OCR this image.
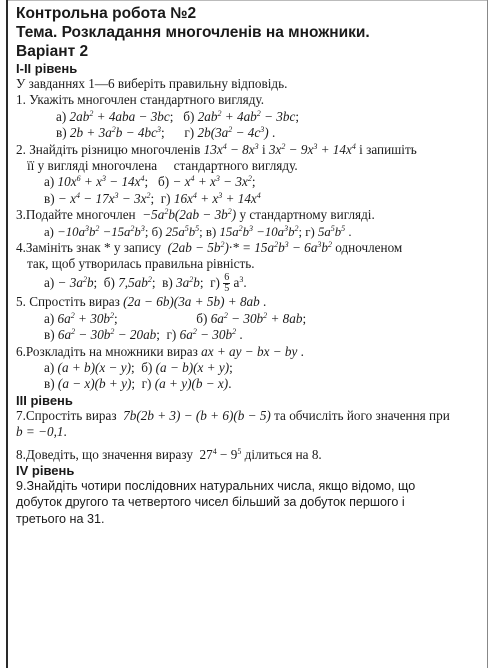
Контрольна робота №2
Тема. Розкладання многочленів на множники.
Варіант 2
I-II рівень
У завданнях 1—6 виберіть правильну відповідь.
1. Укажіть многочлен стандартного вигляду.
а) $2ab^2 + 4aba - 3bc$;   б) $2ab^2 + 4ab^2 - 3bc$;
в) $2b + 3a^2b - 4bc^3$;      г) $2b(3a^2 - 4c^3)$ .
2. Знайдіть різницю многочленів $13x^4 - 8x^3$ і $3x^2 - 9x^3 + 14x^4$ і запишіть
її у вигляді многочлена     стандартного вигляду.
а) $10x^6 + x^3 - 14x^4$;   $б) - x^4 + x^3 - 3x^2$;
$в) - x^4 - 17x^3 - 3x^2$;  г) $16x^4 + x^3 + 14x^4$
3.Подайте многочлен  $-5a^2b(2ab - 3b^2)$ у стандартному вигляді.
$а) -10a^3b^2 -15a^2b^3$; б) $25a^5b^5$; в) $15a^2b^3 -10a^3b^2$; г) $5a^5b^5$ .
4.Замініть знак * у запису  $(2ab - 5b^2)\cdot* = 15a^2b^3 - 6a^3b^2$ одночленом
так, щоб утворилась правильна рівність.
$а) - 3a^2b$;  б) $7,5ab^2$;  в) $3a^2b$;  $г) \frac{6}{5} a^3$.
5. Спростіть вираз (2a − 6b)(3a + 5b) + 8ab .
а) $6a^2 + 30b^2$;	б) $6a^2 - 30b^2 + 8ab$;
в) $6a^2 - 30b^2 - 20ab$;  г) $6a^2 - 30b^2$ .
6.Розкладіть на множники вираз ax + ay − bx − by .
а) (a + b)(x − y);  б) (a − b)(x + y);
в) (a − x)(b + y);  г) (a + y)(b − x).
III рівень
7.Спростіть вираз  7b(2b + 3) − (b + 6)(b − 5) та обчисліть його значення при
b = −0,1.
8.Доведіть, що значення виразу  $27^4 - 9^5$ ділиться на 8.
IV рівень
9.Знайдіть чотири послідовних натуральних числа, якщо відомо, що
добуток другого та четвертого чисел більший за добуток першого і
третього на 31.
